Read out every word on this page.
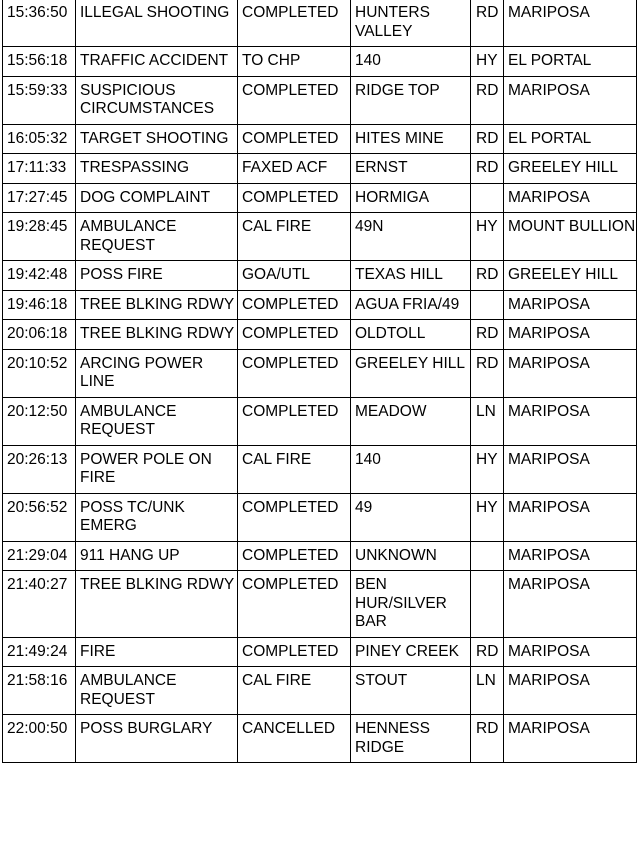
15:36:50	ILLEGAL SHOOTING	COMPLETED	HUNTERS VALLEY	RD	MARIPOSA
15:56:18	TRAFFIC ACCIDENT	TO CHP	140	HY	EL PORTAL
15:59:33	SUSPICIOUS CIRCUMSTANCES	COMPLETED	RIDGE TOP	RD	MARIPOSA
16:05:32	TARGET SHOOTING	COMPLETED	HITES MINE	RD	EL PORTAL
17:11:33	TRESPASSING	FAXED ACF	ERNST	RD	GREELEY HILL
17:27:45	DOG COMPLAINT	COMPLETED	HORMIGA		MARIPOSA
19:28:45	AMBULANCE REQUEST	CAL FIRE	49N	HY	MOUNT BULLION
19:42:48	POSS FIRE	GOA/UTL	TEXAS HILL	RD	GREELEY HILL
19:46:18	TREE BLKING RDWY	COMPLETED	AGUA FRIA/49		MARIPOSA
20:06:18	TREE BLKING RDWY	COMPLETED	OLDTOLL	RD	MARIPOSA
20:10:52	ARCING POWER LINE	COMPLETED	GREELEY HILL	RD	MARIPOSA
20:12:50	AMBULANCE REQUEST	COMPLETED	MEADOW	LN	MARIPOSA
20:26:13	POWER POLE ON FIRE	CAL FIRE	140	HY	MARIPOSA
20:56:52	POSS TC/UNK EMERG	COMPLETED	49	HY	MARIPOSA
21:29:04	911 HANG UP	COMPLETED	UNKNOWN		MARIPOSA
21:40:27	TREE BLKING RDWY	COMPLETED	BEN HUR/SILVER BAR		MARIPOSA
21:49:24	FIRE	COMPLETED	PINEY CREEK	RD	MARIPOSA
21:58:16	AMBULANCE REQUEST	CAL FIRE	STOUT	LN	MARIPOSA
22:00:50	POSS BURGLARY	CANCELLED	HENNESS RIDGE	RD	MARIPOSA
